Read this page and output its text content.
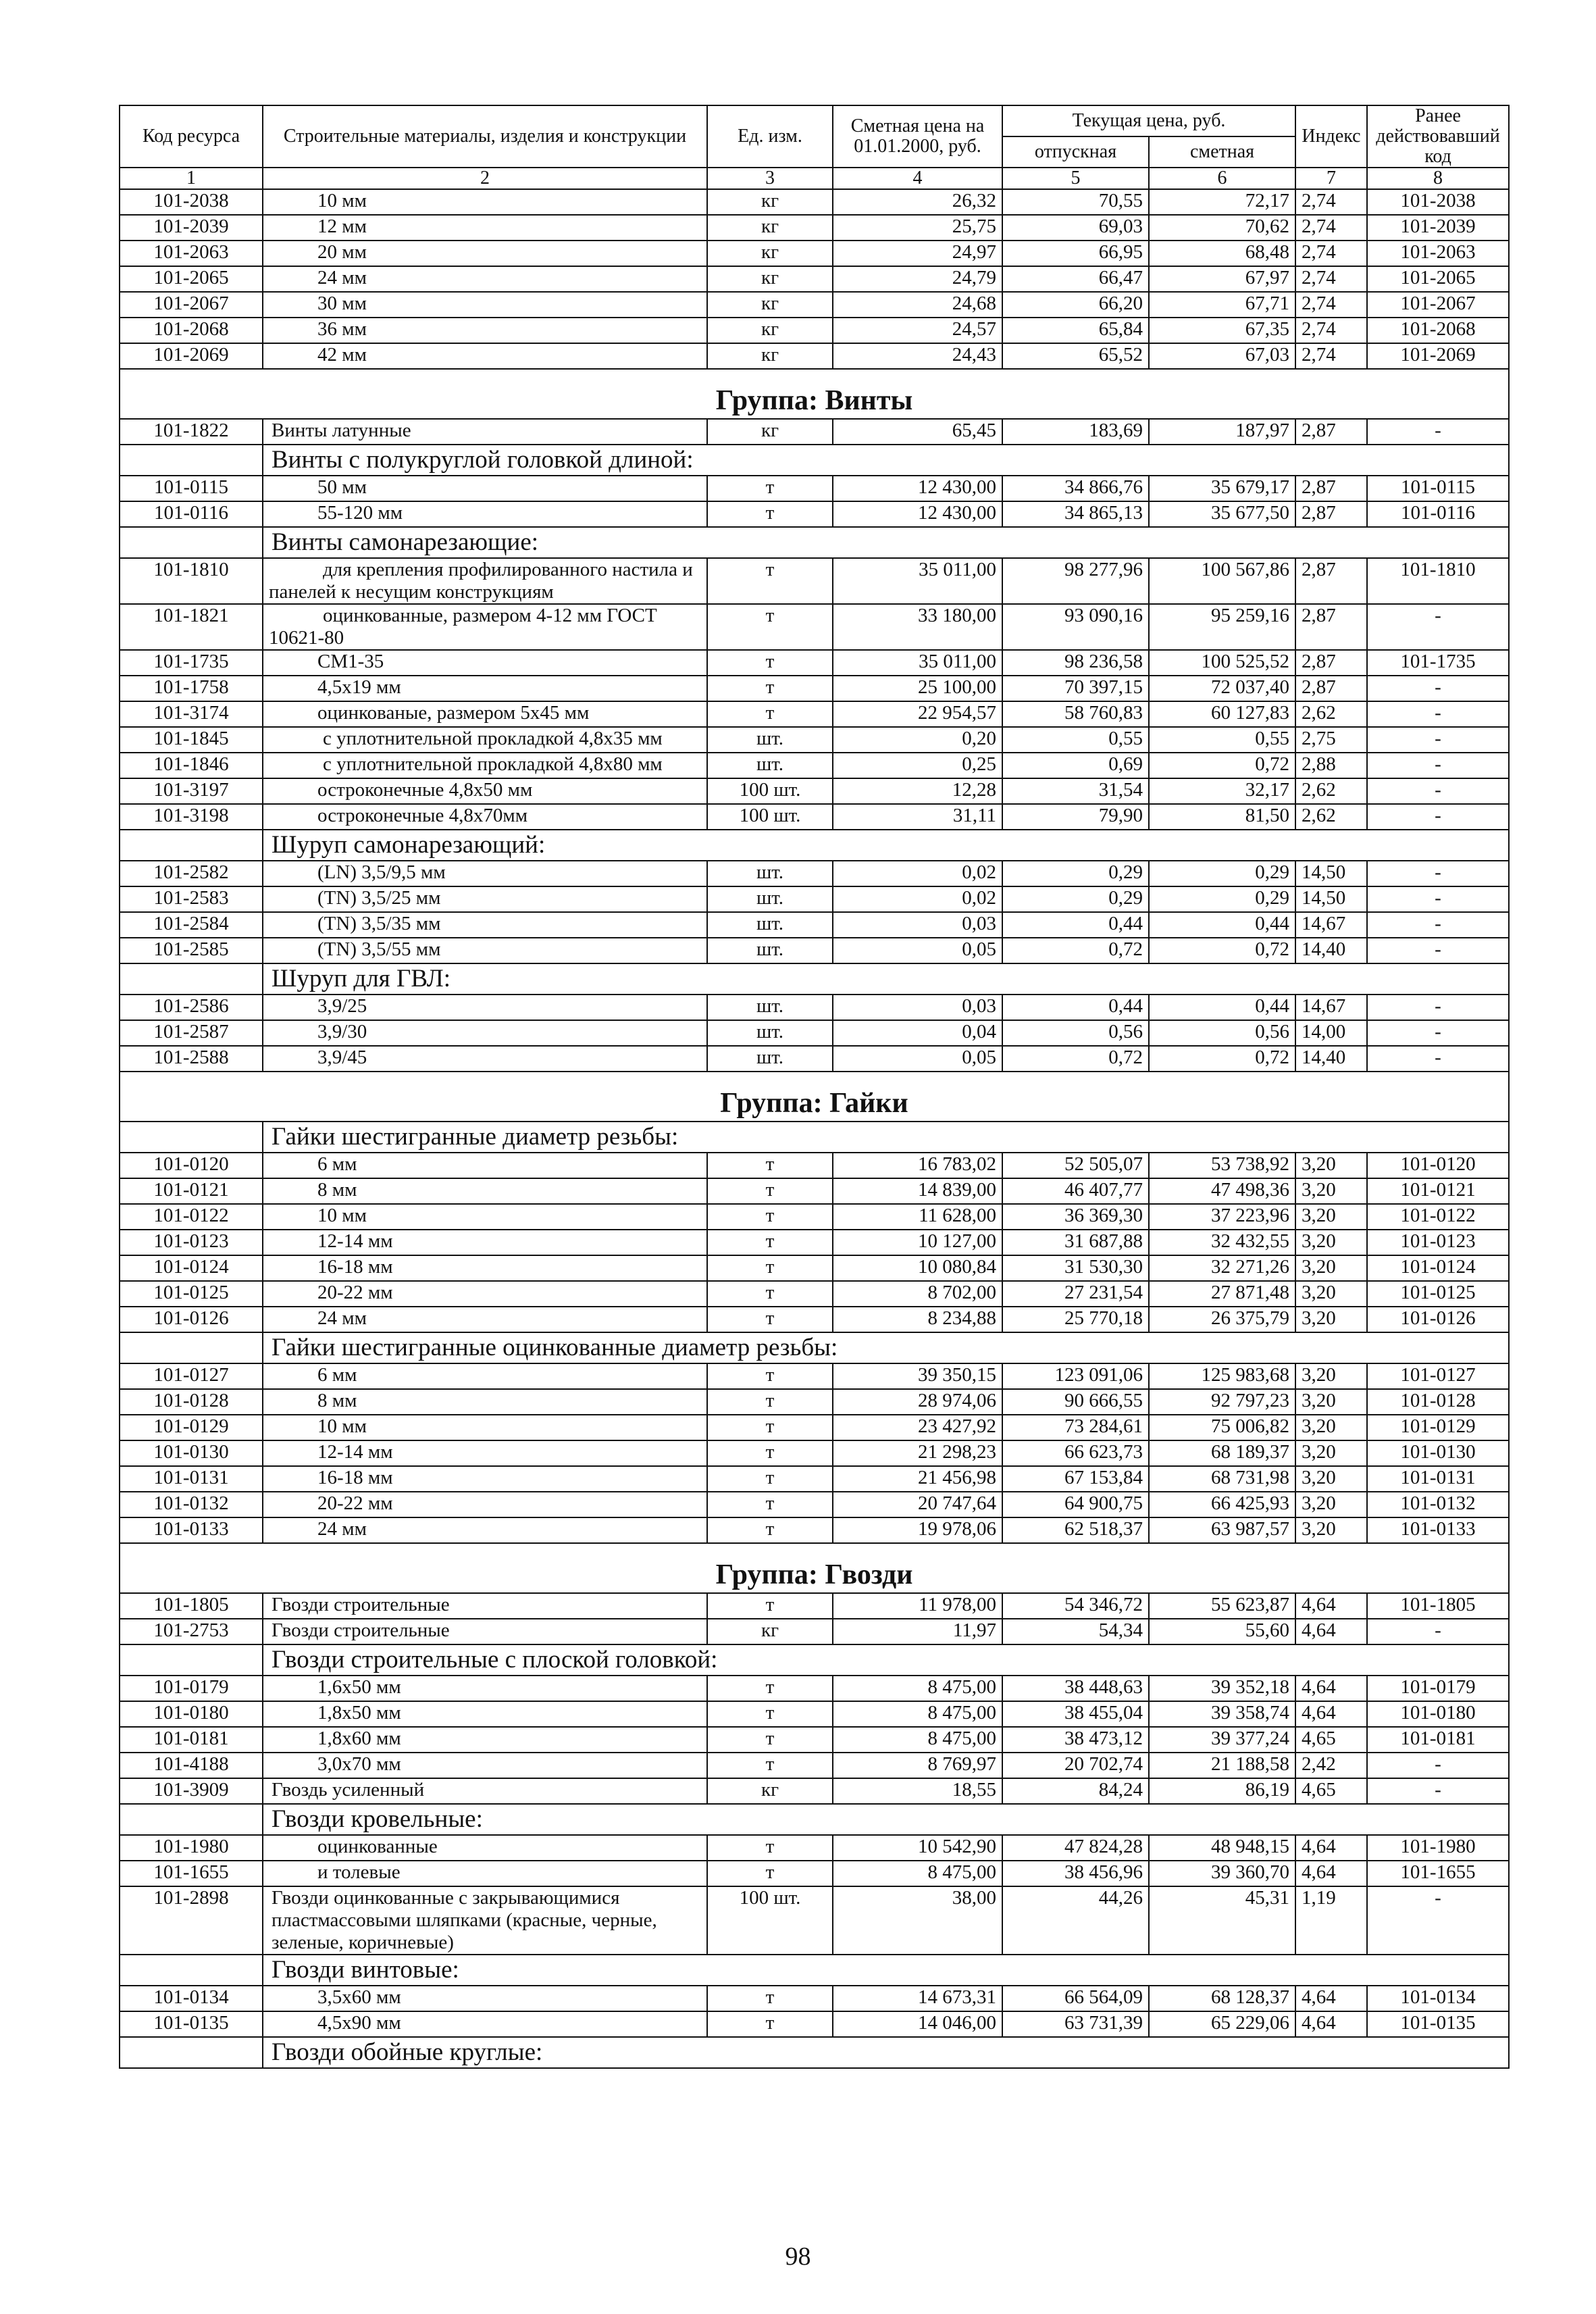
Код ресурса	Строительные материалы, изделия и конструкции	Ед. изм.	Сметная цена на 01.01.2000, руб.	Текущая цена, руб.		Индекс	Ранее действовавший код
				отпускная	сметная		
1	2	3	4	5	6	7	8
101-2038	10 мм	кг	26,32	70,55	72,17	2,74	101-2038
101-2039	12 мм	кг	25,75	69,03	70,62	2,74	101-2039
101-2063	20 мм	кг	24,97	66,95	68,48	2,74	101-2063
101-2065	24 мм	кг	24,79	66,47	67,97	2,74	101-2065
101-2067	30 мм	кг	24,68	66,20	67,71	2,74	101-2067
101-2068	36 мм	кг	24,57	65,84	67,35	2,74	101-2068
101-2069	42 мм	кг	24,43	65,52	67,03	2,74	101-2069
Группа: Винты							
101-1822	Винты латунные	кг	65,45	183,69	187,97	2,87	-
	Винты с полукруглой головкой длиной:						
101-0115	50 мм	т	12 430,00	34 866,76	35 679,17	2,87	101-0115
101-0116	55-120 мм	т	12 430,00	34 865,13	35 677,50	2,87	101-0116
	Винты самонарезающие:						
101-1810	для крепления профилированного настила и панелей к несущим конструкциям	т	35 011,00	98 277,96	100 567,86	2,87	101-1810
101-1821	оцинкованные, размером 4-12 мм ГОСТ 10621-80	т	33 180,00	93 090,16	95 259,16	2,87	-
101-1735	СМ1-35	т	35 011,00	98 236,58	100 525,52	2,87	101-1735
101-1758	4,5x19 мм	т	25 100,00	70 397,15	72 037,40	2,87	-
101-3174	оцинкованые, размером 5x45 мм	т	22 954,57	58 760,83	60 127,83	2,62	-
101-1845	с уплотнительной прокладкой 4,8x35 мм	шт.	0,20	0,55	0,55	2,75	-
101-1846	с уплотнительной прокладкой 4,8x80 мм	шт.	0,25	0,69	0,72	2,88	-
101-3197	остроконечные 4,8x50 мм	100 шт.	12,28	31,54	32,17	2,62	-
101-3198	остроконечные 4,8x70мм	100 шт.	31,11	79,90	81,50	2,62	-
	Шуруп самонарезающий:						
101-2582	(LN) 3,5/9,5 мм	шт.	0,02	0,29	0,29	14,50	-
101-2583	(TN) 3,5/25 мм	шт.	0,02	0,29	0,29	14,50	-
101-2584	(TN) 3,5/35 мм	шт.	0,03	0,44	0,44	14,67	-
101-2585	(TN) 3,5/55 мм	шт.	0,05	0,72	0,72	14,40	-
	Шуруп для ГВЛ:						
101-2586	3,9/25	шт.	0,03	0,44	0,44	14,67	-
101-2587	3,9/30	шт.	0,04	0,56	0,56	14,00	-
101-2588	3,9/45	шт.	0,05	0,72	0,72	14,40	-
Группа: Гайки							
	Гайки шестигранные диаметр резьбы:						
101-0120	6 мм	т	16 783,02	52 505,07	53 738,92	3,20	101-0120
101-0121	8 мм	т	14 839,00	46 407,77	47 498,36	3,20	101-0121
101-0122	10 мм	т	11 628,00	36 369,30	37 223,96	3,20	101-0122
101-0123	12-14 мм	т	10 127,00	31 687,88	32 432,55	3,20	101-0123
101-0124	16-18 мм	т	10 080,84	31 530,30	32 271,26	3,20	101-0124
101-0125	20-22 мм	т	8 702,00	27 231,54	27 871,48	3,20	101-0125
101-0126	24 мм	т	8 234,88	25 770,18	26 375,79	3,20	101-0126
	Гайки шестигранные оцинкованные диаметр резьбы:						
101-0127	6 мм	т	39 350,15	123 091,06	125 983,68	3,20	101-0127
101-0128	8 мм	т	28 974,06	90 666,55	92 797,23	3,20	101-0128
101-0129	10 мм	т	23 427,92	73 284,61	75 006,82	3,20	101-0129
101-0130	12-14 мм	т	21 298,23	66 623,73	68 189,37	3,20	101-0130
101-0131	16-18 мм	т	21 456,98	67 153,84	68 731,98	3,20	101-0131
101-0132	20-22 мм	т	20 747,64	64 900,75	66 425,93	3,20	101-0132
101-0133	24 мм	т	19 978,06	62 518,37	63 987,57	3,20	101-0133
Группа: Гвозди							
101-1805	Гвозди строительные	т	11 978,00	54 346,72	55 623,87	4,64	101-1805
101-2753	Гвозди строительные	кг	11,97	54,34	55,60	4,64	-
	Гвозди строительные с плоской головкой:						
101-0179	1,6x50 мм	т	8 475,00	38 448,63	39 352,18	4,64	101-0179
101-0180	1,8x50 мм	т	8 475,00	38 455,04	39 358,74	4,64	101-0180
101-0181	1,8x60 мм	т	8 475,00	38 473,12	39 377,24	4,65	101-0181
101-4188	3,0x70 мм	т	8 769,97	20 702,74	21 188,58	2,42	-
101-3909	Гвоздь усиленный	кг	18,55	84,24	86,19	4,65	-
	Гвозди кровельные:						
101-1980	оцинкованные	т	10 542,90	47 824,28	48 948,15	4,64	101-1980
101-1655	и толевые	т	8 475,00	38 456,96	39 360,70	4,64	101-1655
101-2898	Гвозди оцинкованные с закрывающимися пластмассовыми шляпками (красные, черные, зеленые, коричневые)	100 шт.	38,00	44,26	45,31	1,19	-
	Гвозди винтовые:						
101-0134	3,5x60 мм	т	14 673,31	66 564,09	68 128,37	4,64	101-0134
101-0135	4,5x90 мм	т	14 046,00	63 731,39	65 229,06	4,64	101-0135
	Гвозди обойные круглые:						
98
